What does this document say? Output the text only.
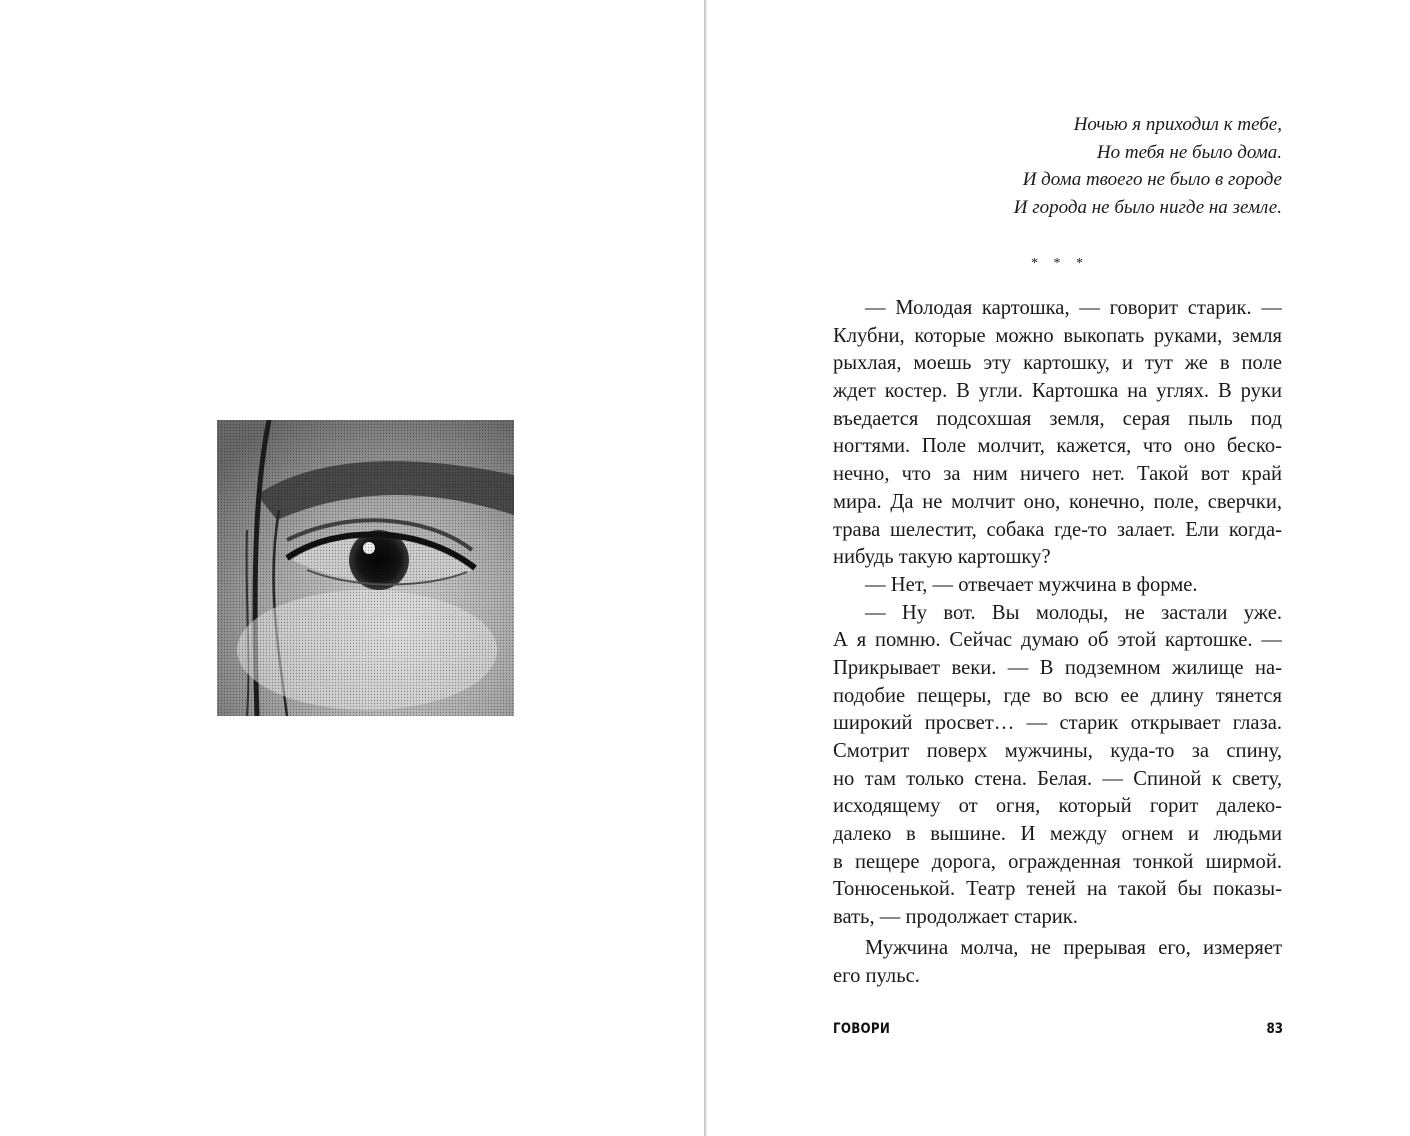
Ночью я приходил к тебе,
Но тебя не было дома.
И дома твоего не было в городе
И города не было нигде на земле.
* * *
— Молодая картошка, — говорит старик. —
Клубни, которые можно выкопать руками, земля
рыхлая, моешь эту картошку, и тут же в поле
ждет костер. В угли. Картошка на углях. В руки
въедается подсохшая земля, серая пыль под
ногтями. Поле молчит, кажется, что оно беско-
нечно, что за ним ничего нет. Такой вот край
мира. Да не молчит оно, конечно, поле, сверчки,
трава шелестит, собака где-то залает. Ели когда-
нибудь такую картошку?
— Нет, — отвечает мужчина в форме.
— Ну вот. Вы молоды, не застали уже.
А я помню. Сейчас думаю об этой картошке. —
Прикрывает веки. — В подземном жилище на-
подобие пещеры, где во всю ее длину тянется
широкий просвет… — старик открывает глаза.
Смотрит поверх мужчины, куда-то за спину,
но там только стена. Белая. — Спиной к свету,
исходящему от огня, который горит далеко-
далеко в вышине. И между огнем и людьми
в пещере дорога, огражденная тонкой ширмой.
Тонюсенькой. Театр теней на такой бы показы-
вать, — продолжает старик.
Мужчина молча, не прерывая его, измеряет
его пульс.
ГОВОРИ	83
